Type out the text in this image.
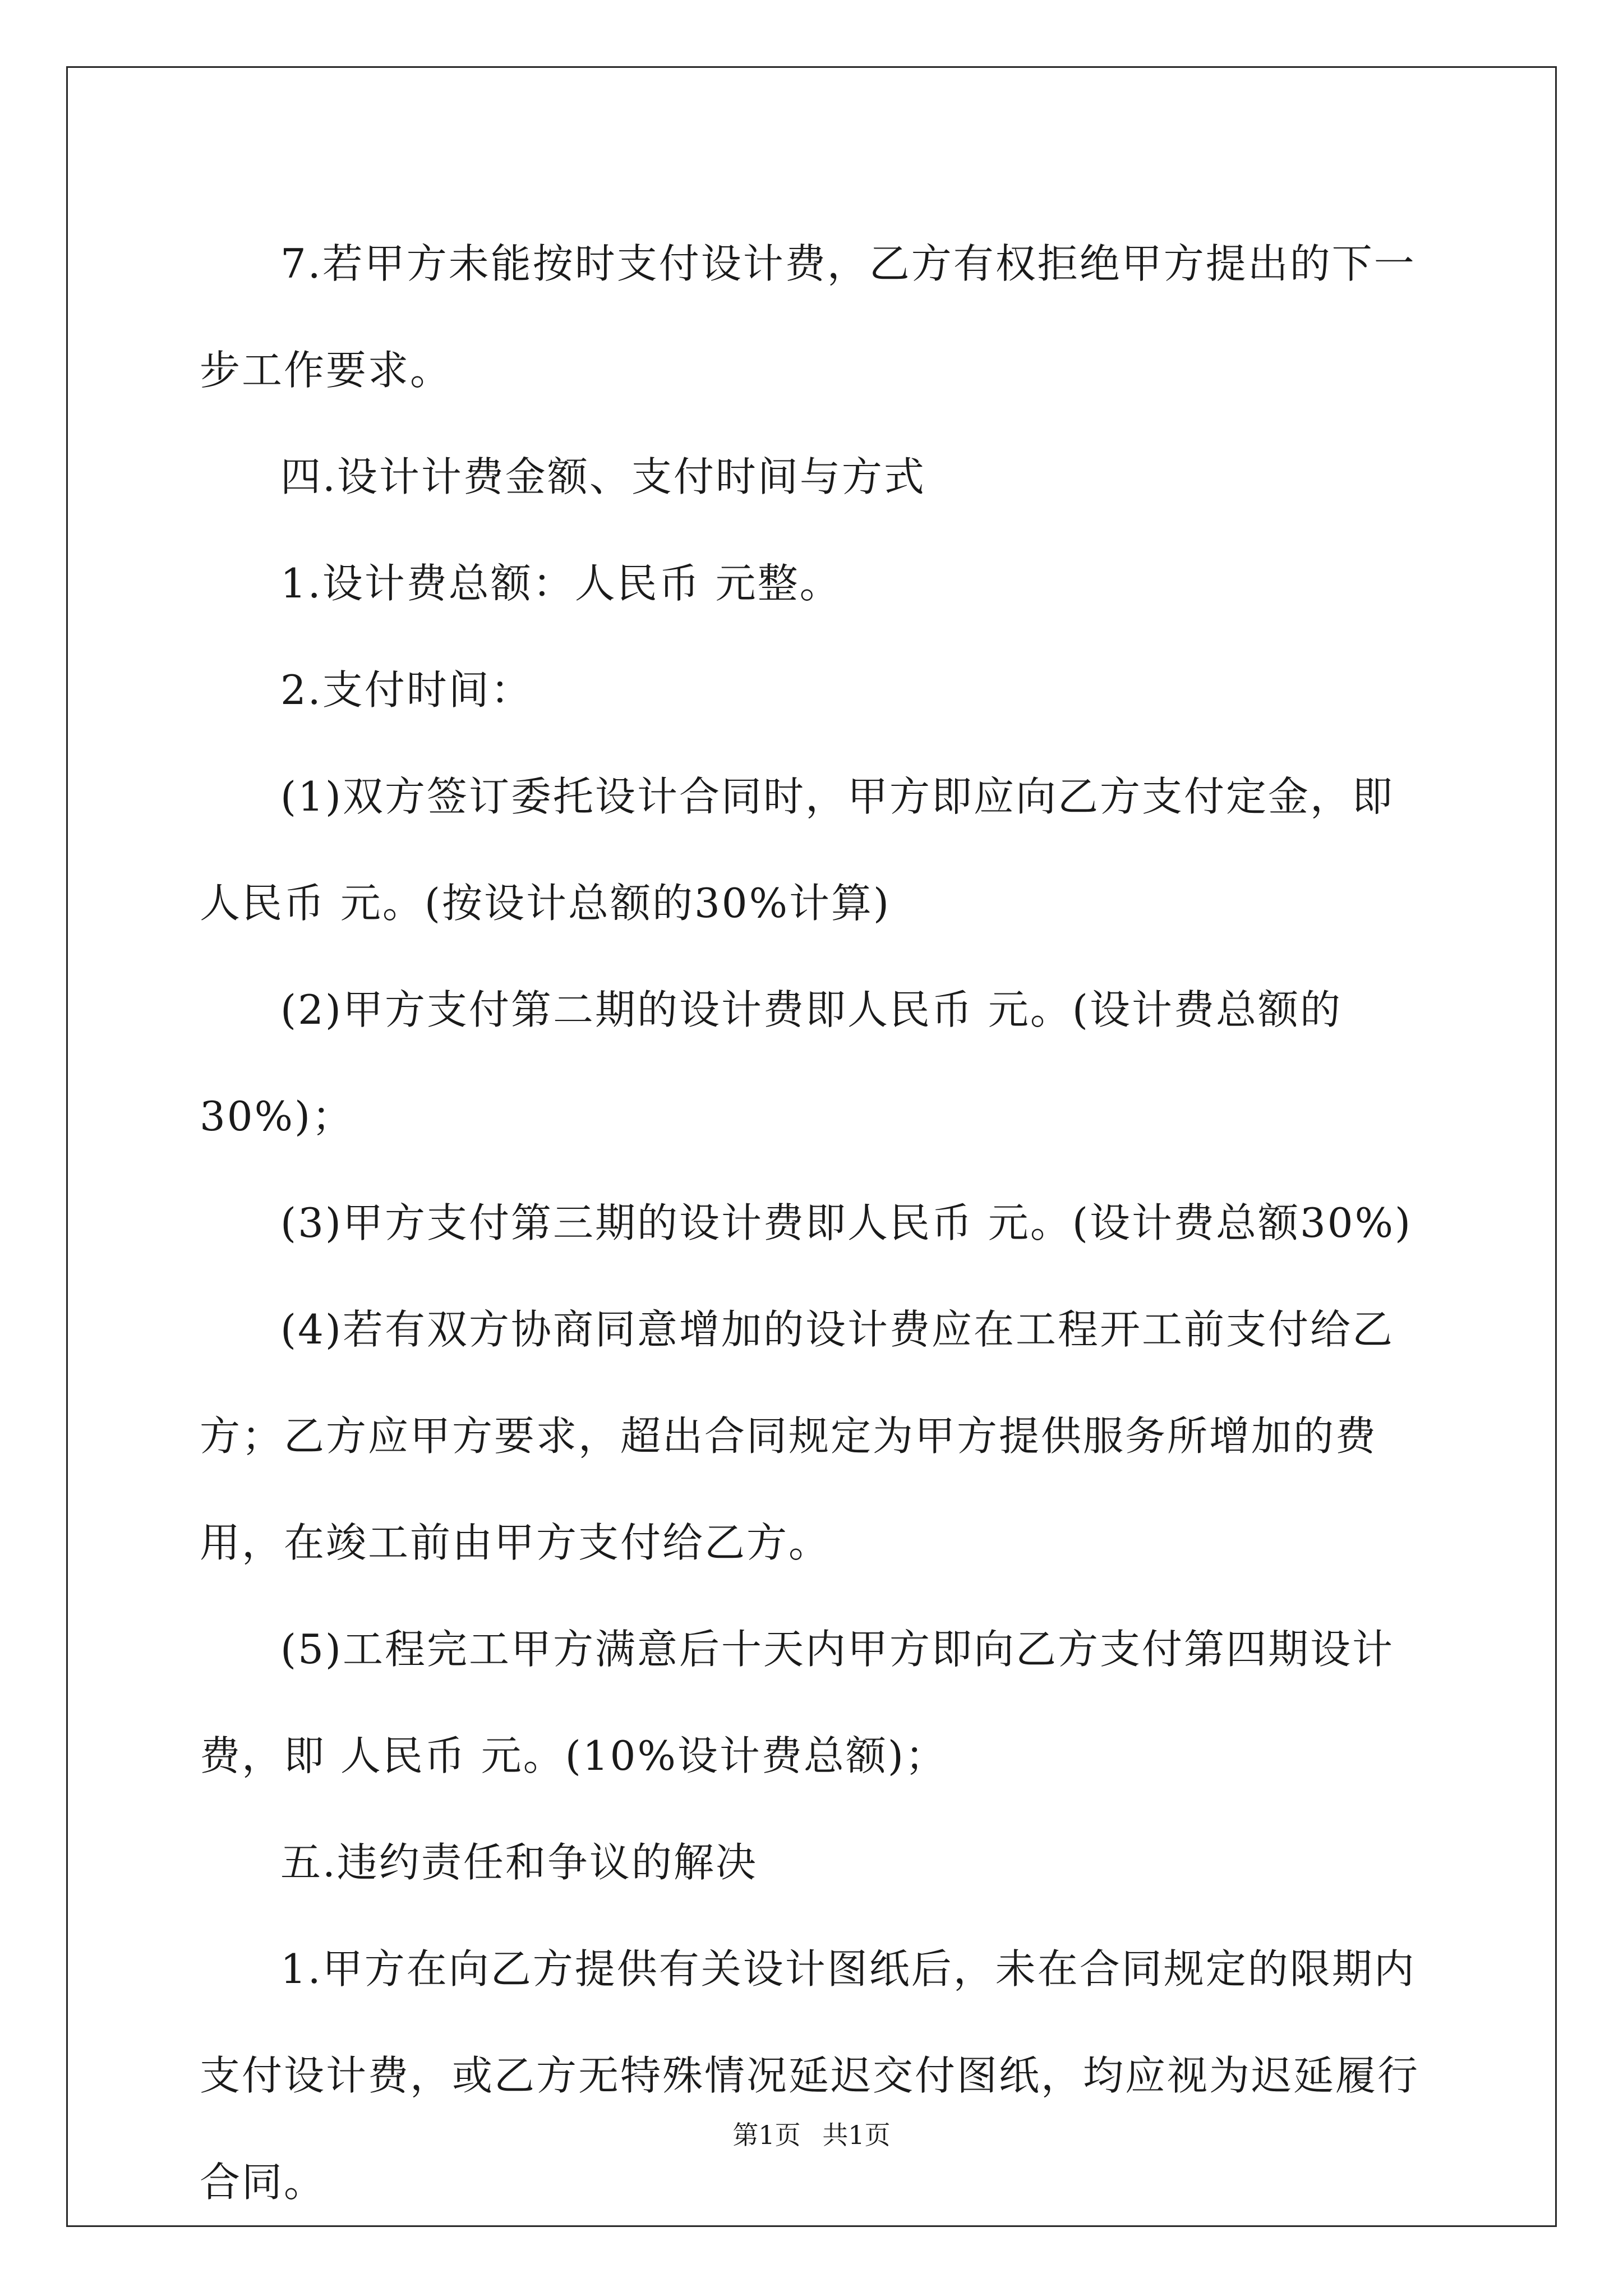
7.若甲方未能按时支付设计费，乙方有权拒绝甲方提出的下一步工作要求。

四.设计计费金额、支付时间与方式

1.设计费总额：人民币 元整。

2.支付时间：

(1)双方签订委托设计合同时，甲方即应向乙方支付定金，即人民币 元。(按设计总额的30%计算)

(2)甲方支付第二期的设计费即人民币 元。(设计费总额的30%)；

(3)甲方支付第三期的设计费即人民币 元。(设计费总额30%)

(4)若有双方协商同意增加的设计费应在工程开工前支付给乙方；乙方应甲方要求，超出合同规定为甲方提供服务所增加的费用，在竣工前由甲方支付给乙方。

(5)工程完工甲方满意后十天内甲方即向乙方支付第四期设计费，即 人民币 元。(10%设计费总额)；

五.违约责任和争议的解决

1.甲方在向乙方提供有关设计图纸后，未在合同规定的限期内支付设计费，或乙方无特殊情况延迟交付图纸，均应视为迟延履行合同。

第1页 共1页
